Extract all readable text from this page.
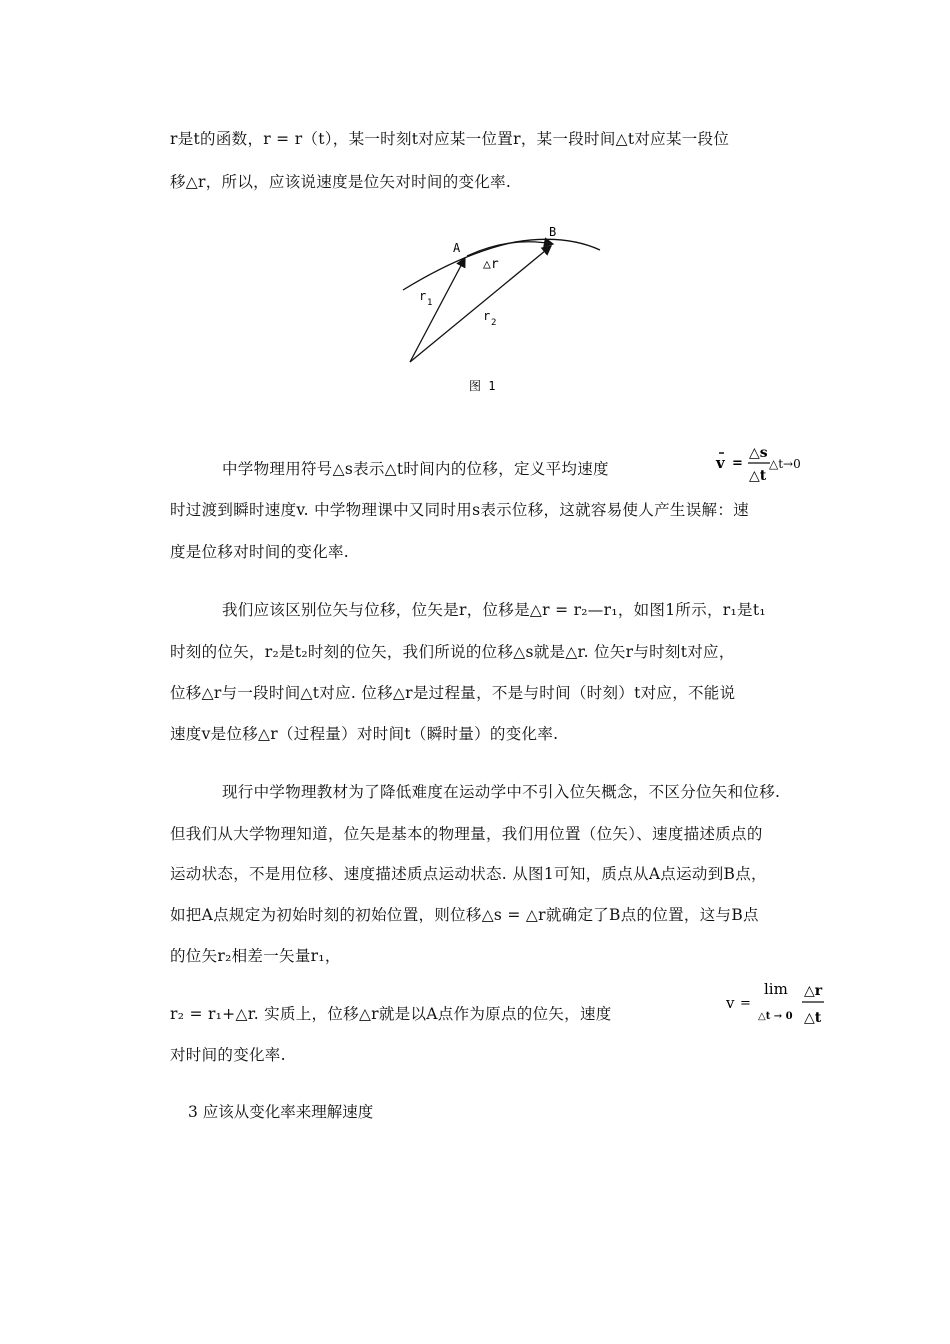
r是t的函数，r = r（t），某一时刻t对应某一位置r，某一段时间△t对应某一段位
移△r，所以，应该说速度是位矢对时间的变化率.
A
B
△r
r 1
r 2
图 1
中学物理用符号△s表示△t时间内的位移，定义平均速度	v =
△s
△t
△t→0
时过渡到瞬时速度v. 中学物理课中又同时用s表示位移，这就容易使人产生误解：速
度是位移对时间的变化率.
我们应该区别位矢与位移，位矢是r，位移是△r = r₂—r₁，如图1所示，r₁是t₁
时刻的位矢，r₂是t₂时刻的位矢，我们所说的位移△s就是△r. 位矢r与时刻t对应，
位移△r与一段时间△t对应. 位移△r是过程量，不是与时间（时刻）t对应，不能说
速度v是位移△r（过程量）对时间t（瞬时量）的变化率.
现行中学物理教材为了降低难度在运动学中不引入位矢概念，不区分位矢和位移.
但我们从大学物理知道，位矢是基本的物理量，我们用位置（位矢）、速度描述质点的
运动状态，不是用位移、速度描述质点运动状态. 从图1可知，质点从A点运动到B点，
如把A点规定为初始时刻的初始位置，则位移△s = △r就确定了B点的位置，这与B点
的位矢r₂相差一矢量r₁，
r₂ = r₁+△r. 实质上，位移△r就是以A点作为原点的位矢，速度
v =
lim
△t → 0
△r
△t
对时间的变化率.
3 应该从变化率来理解速度
